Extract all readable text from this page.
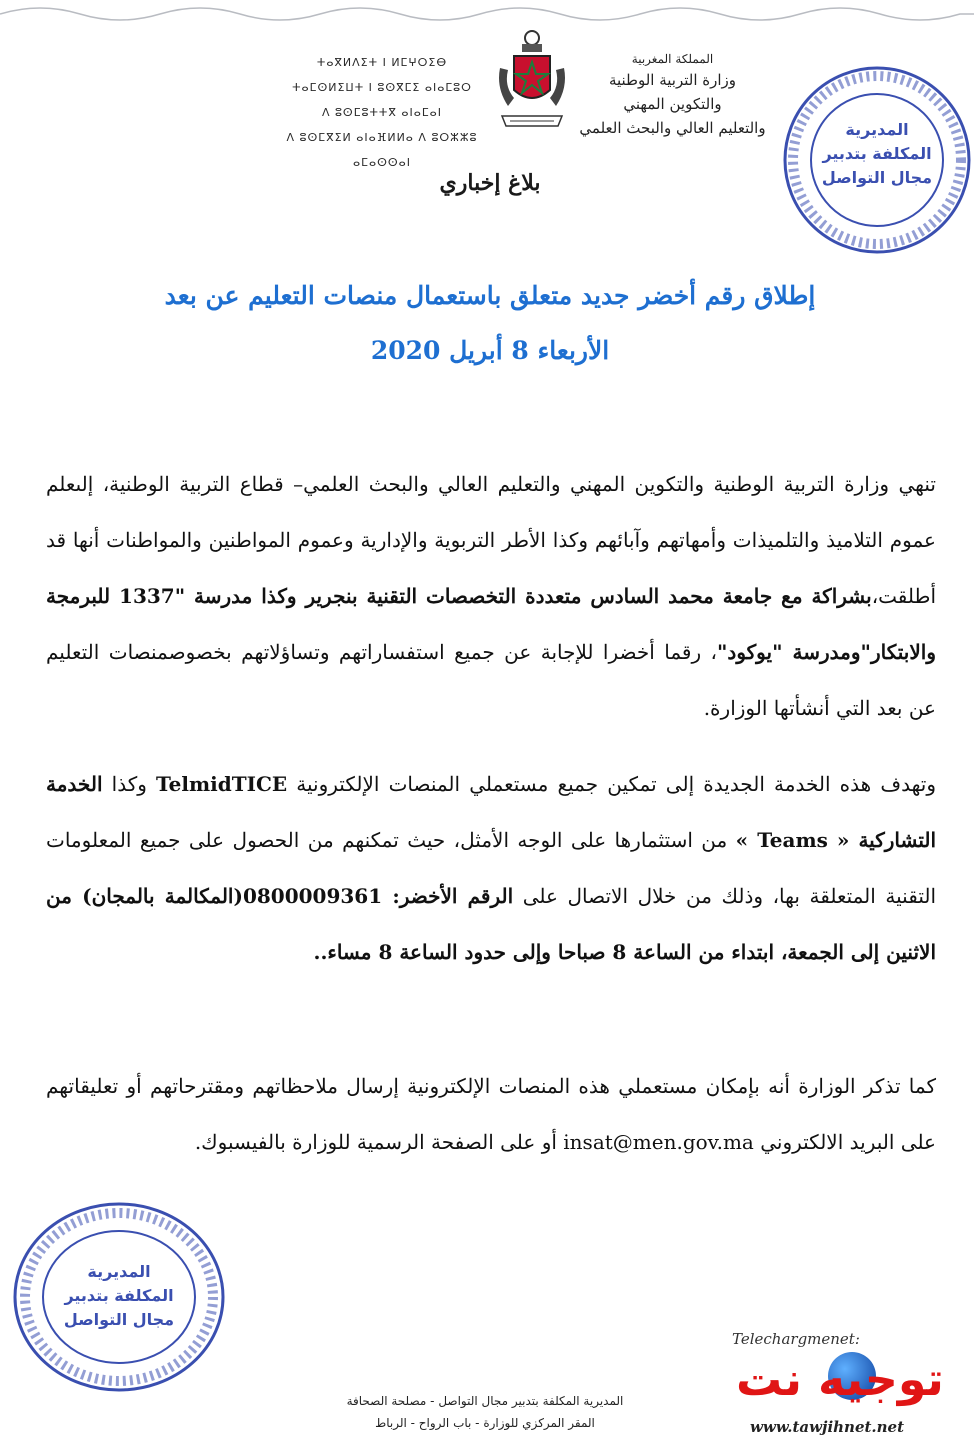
ⵜⴰⴳⵍⴷⵉⵜ ⵏ ⵍⵎⵖⵔⵉⴱ
ⵜⴰⵎⵙⵍⵉⵡⵜ ⵏ ⵓⵙⴳⵎⵉ ⴰⵏⴰⵎⵓⵔ
ⴷ ⵓⵙⵎⵓⵜⵜⴳ ⴰⵏⴰⵎⴰⵏ
ⴷ ⵓⵙⵎⴳⵉⵍ ⴰⵏⴰⴼⵍⵍⴰ ⴷ ⵓⵔⵣⵣⵓ ⴰⵎⴰⵙⵙⴰⵏ
المملكة المغربية
وزارة التربية الوطنية
والتكوين المهني
والتعليم العالي والبحث العلمي	المديرية
المكلفة بتدبير
مجال التواصل
بلاغ إخباري
إطلاق رقم أخضر جديد متعلق باستعمال منصات التعليم عن بعد
الأربعاء 8 أبريل 2020
تنهي وزارة التربية الوطنية والتكوين المهني والتعليم العالي والبحث العلمي– قطاع التربية الوطنية، إلىعلم عموم التلاميذ والتلميذات وأمهاتهم وآبائهم وكذا الأطر التربوية والإدارية وعموم المواطنين والمواطنات أنها قد أطلقت،بشراكة مع جامعة محمد السادس متعددة التخصصات التقنية بنجرير وكذا مدرسة "1337 للبرمجة والابتكار"ومدرسة "يوكود"، رقما أخضرا للإجابة عن جميع استفساراتهم وتساؤلاتهم بخصوصمنصات التعليم عن بعد التي أنشأتها الوزارة.
وتهدف هذه الخدمة الجديدة إلى تمكين جميع مستعملي المنصات الإلكترونية TelmidTICE وكذا الخدمة التشاركية « Teams » من استثمارها على الوجه الأمثل، حيث تمكنهم من الحصول على جميع المعلومات التقنية المتعلقة بها، وذلك من خلال الاتصال على الرقم الأخضر: 0800009361(المكالمة بالمجان) من الاثنين إلى الجمعة، ابتداء من الساعة 8 صباحا وإلى حدود الساعة 8 مساء..
كما تذكر الوزارة أنه بإمكان مستعملي هذه المنصات الإلكترونية إرسال ملاحظاتهم ومقترحاتهم أو تعليقاتهم على البريد الالكتروني insat@men.gov.ma أو على الصفحة الرسمية للوزارة بالفيسبوك.
المديرية
المكلفة بتدبير
مجال التواصل
Telechargmenet:
توجيه نت
www.tawjihnet.net
المديرية المكلفة بتدبير مجال التواصل - مصلحة الصحافة
المقر المركزي للوزارة - باب الرواح - الرباط
